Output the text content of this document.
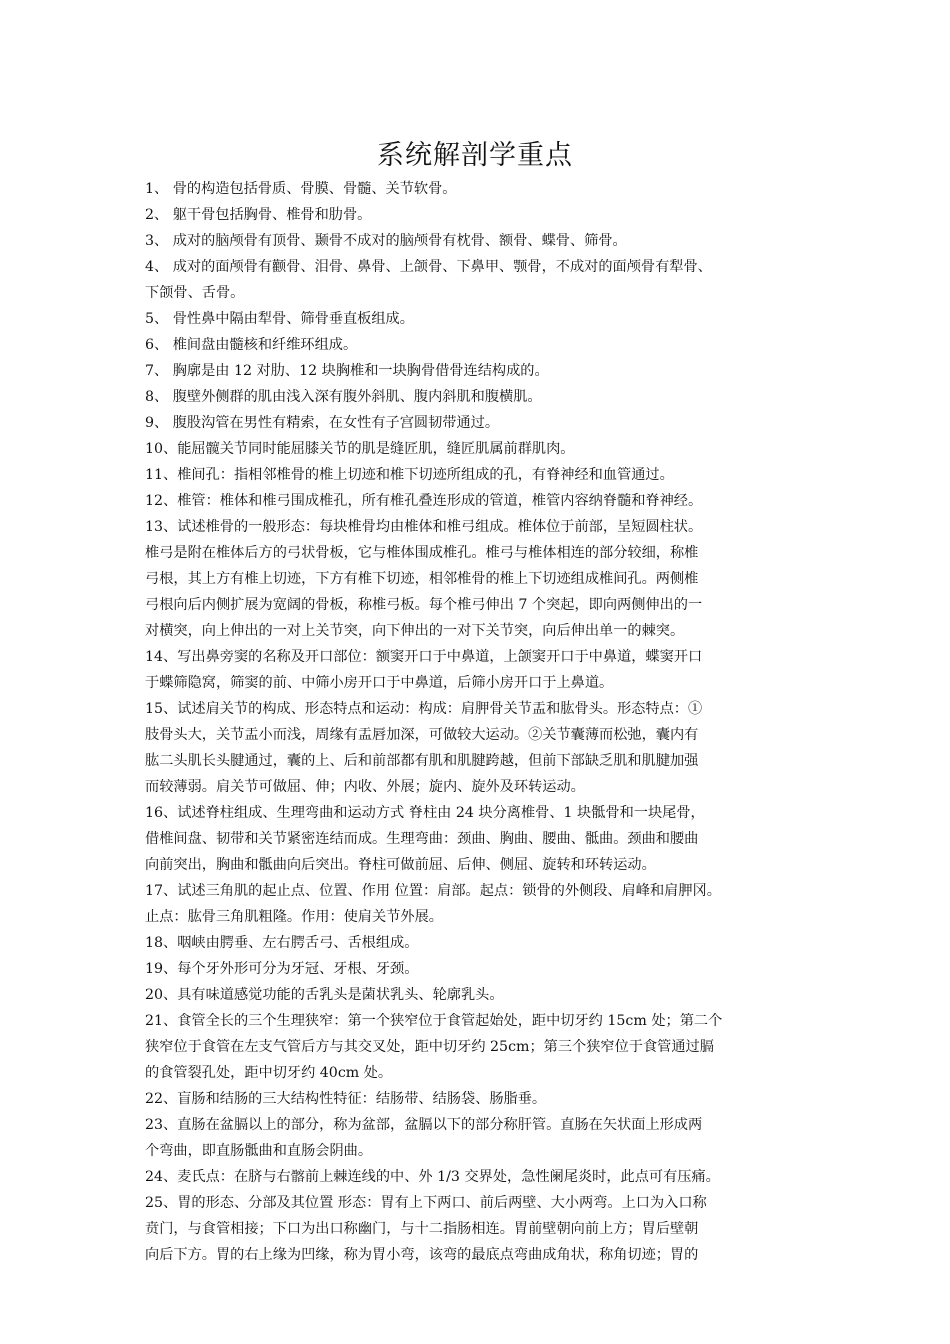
系统解剖学重点
1、 骨的构造包括骨质、骨膜、骨髓、关节软骨。
2、 躯干骨包括胸骨、椎骨和肋骨。
3、 成对的脑颅骨有顶骨、颞骨不成对的脑颅骨有枕骨、额骨、蝶骨、筛骨。
4、 成对的面颅骨有颧骨、泪骨、鼻骨、上颌骨、下鼻甲、颚骨，不成对的面颅骨有犁骨、
下颌骨、舌骨。
5、 骨性鼻中隔由犁骨、筛骨垂直板组成。
6、 椎间盘由髓核和纤维环组成。
7、 胸廓是由 12 对肋、12 块胸椎和一块胸骨借骨连结构成的。
8、 腹壁外侧群的肌由浅入深有腹外斜肌、腹内斜肌和腹横肌。
9、 腹股沟管在男性有精索，在女性有子宫圆韧带通过。
10、能屈髋关节同时能屈膝关节的肌是缝匠肌，缝匠肌属前群肌肉。
11、椎间孔：指相邻椎骨的椎上切迹和椎下切迹所组成的孔，有脊神经和血管通过。
12、椎管：椎体和椎弓围成椎孔，所有椎孔叠连形成的管道，椎管内容纳脊髓和脊神经。
13、试述椎骨的一般形态：每块椎骨均由椎体和椎弓组成。椎体位于前部，呈短圆柱状。
椎弓是附在椎体后方的弓状骨板，它与椎体围成椎孔。椎弓与椎体相连的部分较细，称椎
弓根，其上方有椎上切迹，下方有椎下切迹，相邻椎骨的椎上下切迹组成椎间孔。两侧椎
弓根向后内侧扩展为宽阔的骨板，称椎弓板。每个椎弓伸出 7 个突起，即向两侧伸出的一
对横突，向上伸出的一对上关节突，向下伸出的一对下关节突，向后伸出单一的棘突。
14、写出鼻旁窦的名称及开口部位：额窦开口于中鼻道，上颌窦开口于中鼻道，蝶窦开口
于蝶筛隐窝，筛窦的前、中筛小房开口于中鼻道，后筛小房开口于上鼻道。
15、试述肩关节的构成、形态特点和运动：构成：肩胛骨关节盂和肱骨头。形态特点：①
肢骨头大，关节盂小而浅，周缘有盂唇加深，可做较大运动。②关节囊薄而松弛，囊内有
肱二头肌长头腱通过，囊的上、后和前部都有肌和肌腱跨越，但前下部缺乏肌和肌腱加强
而较薄弱。肩关节可做屈、伸；内收、外展；旋内、旋外及环转运动。
16、试述脊柱组成、生理弯曲和运动方式 脊柱由 24 块分离椎骨、1 块骶骨和一块尾骨，
借椎间盘、韧带和关节紧密连结而成。生理弯曲：颈曲、胸曲、腰曲、骶曲。颈曲和腰曲
向前突出，胸曲和骶曲向后突出。脊柱可做前屈、后伸、侧屈、旋转和环转运动。
17、试述三角肌的起止点、位置、作用 位置：肩部。起点：锁骨的外侧段、肩峰和肩胛冈。
止点：肱骨三角肌粗隆。作用：使肩关节外展。
18、咽峡由腭垂、左右腭舌弓、舌根组成。
19、每个牙外形可分为牙冠、牙根、牙颈。
20、具有味道感觉功能的舌乳头是菌状乳头、轮廓乳头。
21、食管全长的三个生理狭窄：第一个狭窄位于食管起始处，距中切牙约 15cm 处；第二个
狭窄位于食管在左支气管后方与其交叉处，距中切牙约 25cm；第三个狭窄位于食管通过膈
的食管裂孔处，距中切牙约 40cm 处。
22、盲肠和结肠的三大结构性特征：结肠带、结肠袋、肠脂垂。
23、直肠在盆膈以上的部分，称为盆部，盆膈以下的部分称肝管。直肠在矢状面上形成两
个弯曲，即直肠骶曲和直肠会阴曲。
24、麦氏点：在脐与右髂前上棘连线的中、外 1/3 交界处，急性阑尾炎时，此点可有压痛。
25、胃的形态、分部及其位置 形态：胃有上下两口、前后两壁、大小两弯。上口为入口称
贲门，与食管相接；下口为出口称幽门，与十二指肠相连。胃前壁朝向前上方；胃后壁朝
向后下方。胃的右上缘为凹缘，称为胃小弯，该弯的最底点弯曲成角状，称角切迹；胃的
